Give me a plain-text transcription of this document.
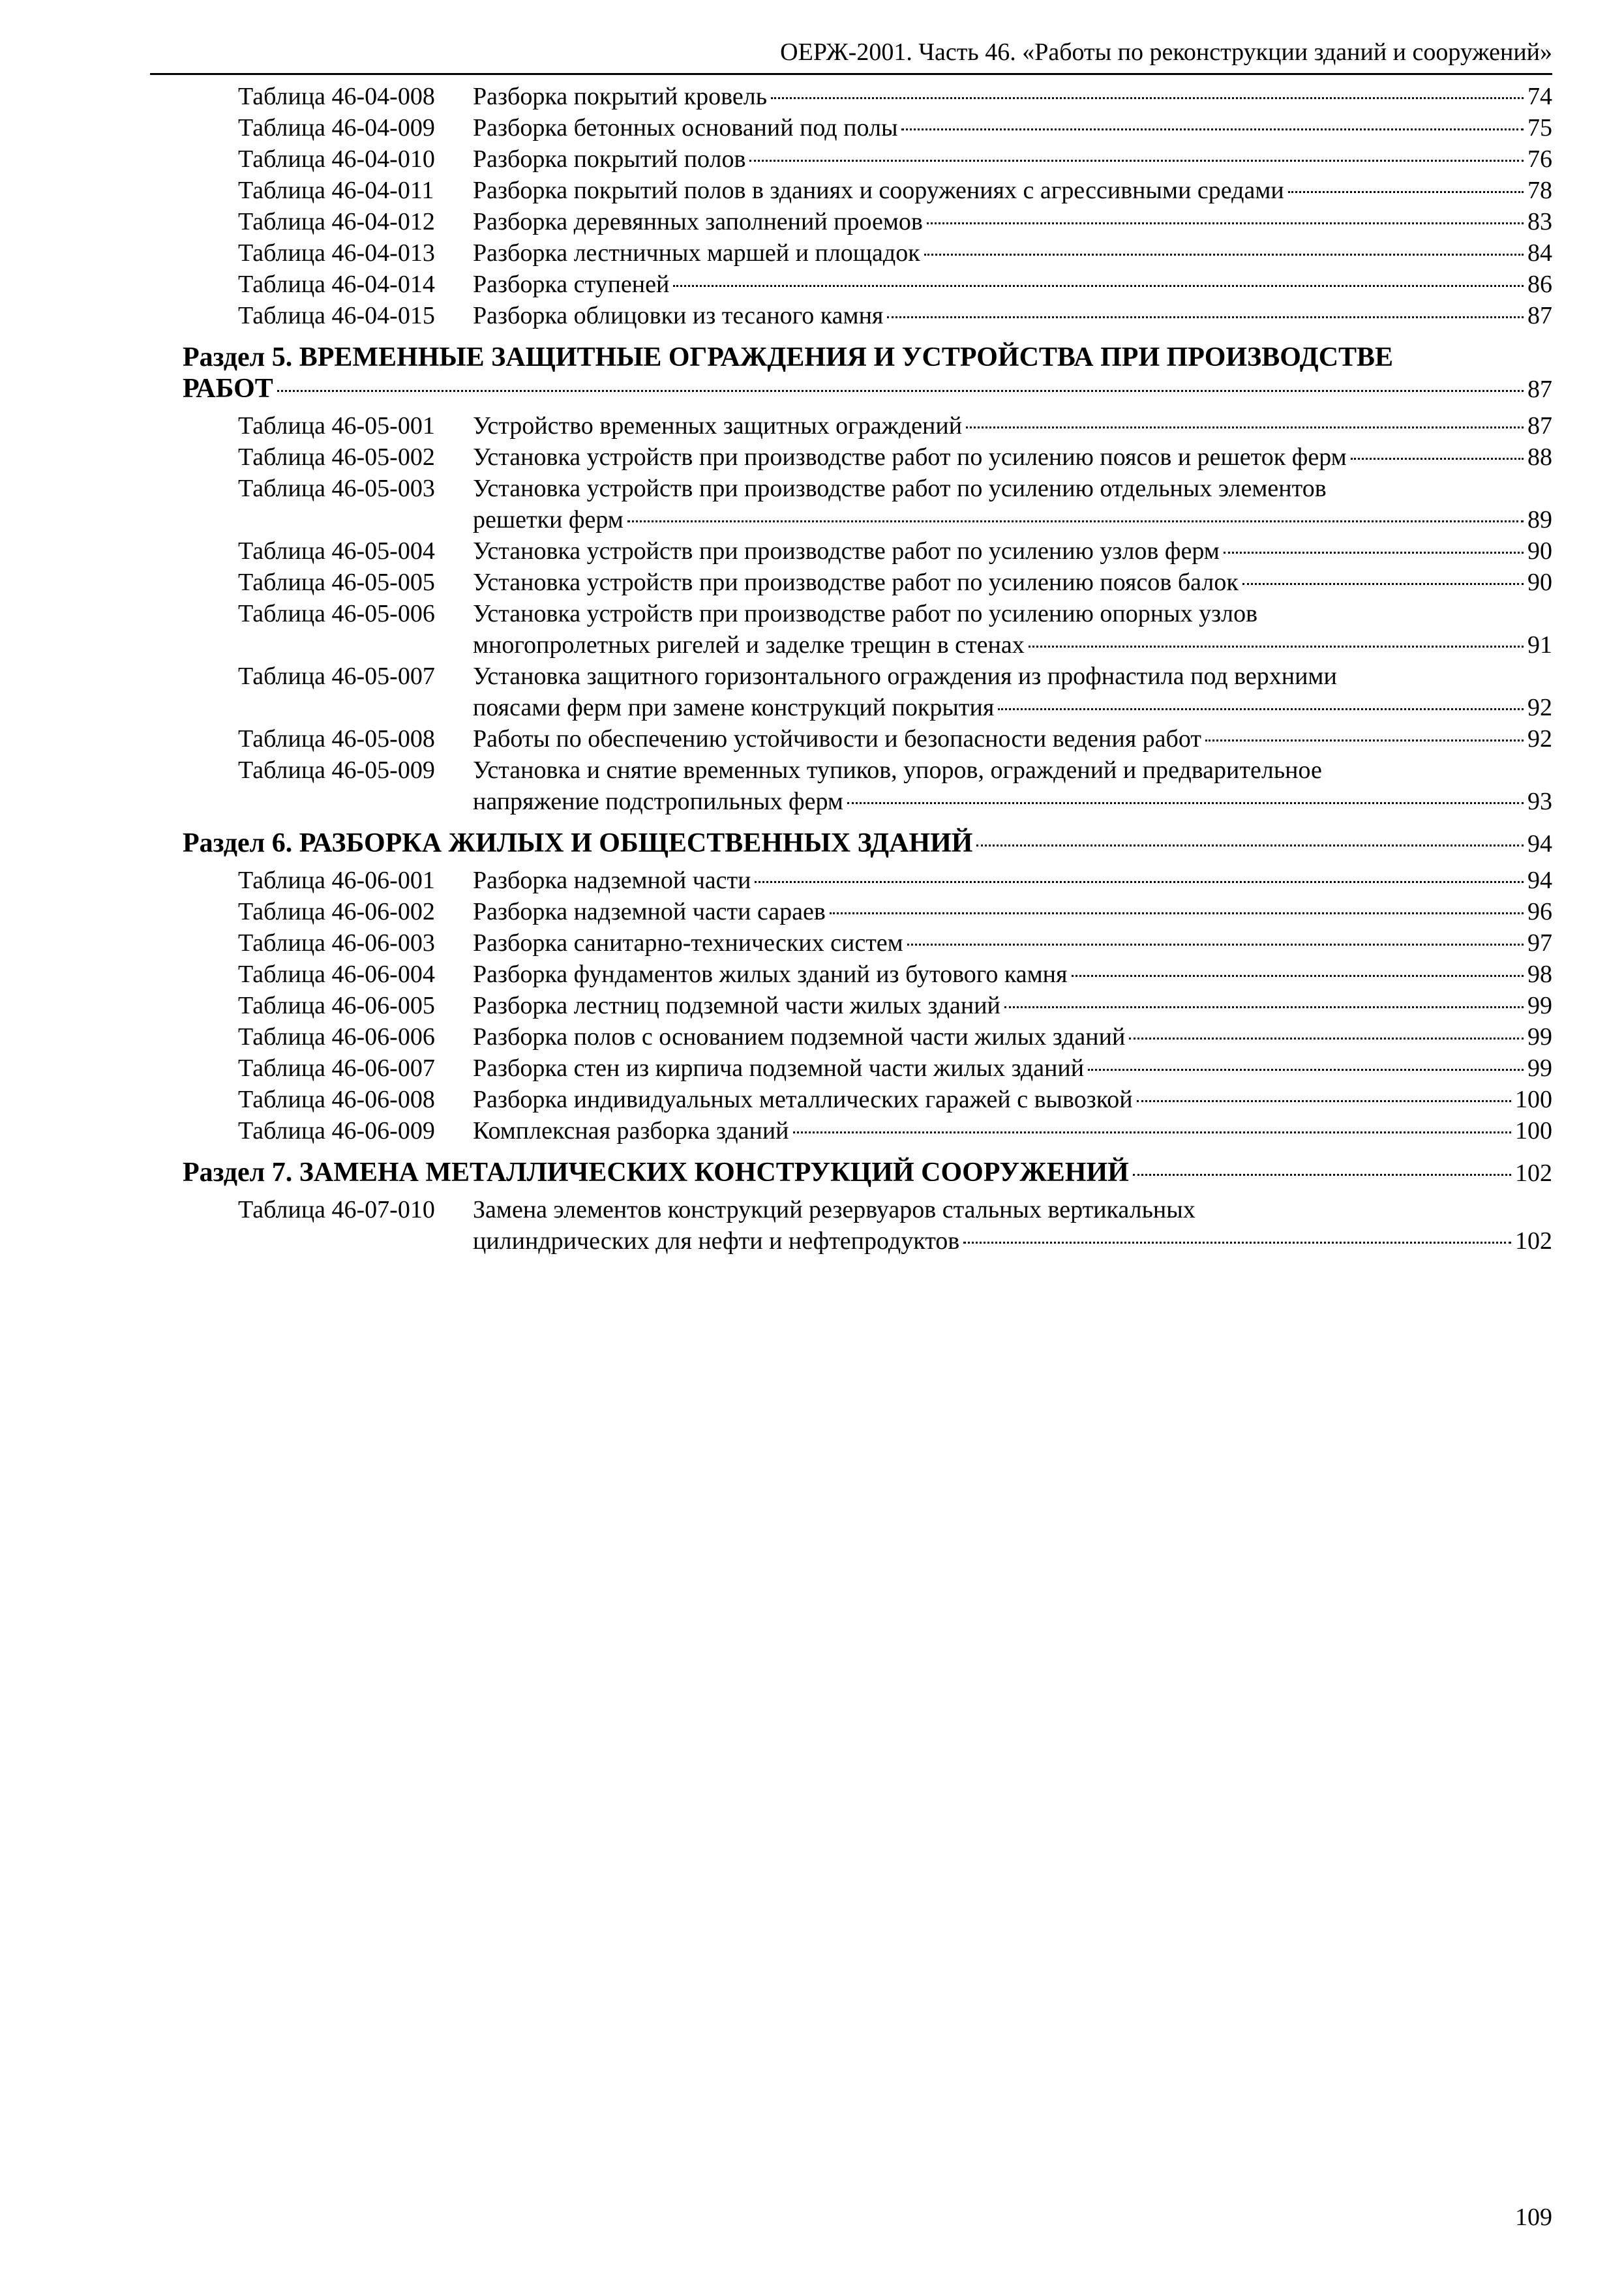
ОЕРЖ-2001. Часть 46. «Работы по реконструкции зданий и сооружений»
Таблица 46-04-008	Разборка покрытий кровель	74
Таблица 46-04-009	Разборка бетонных оснований под полы	75
Таблица 46-04-010	Разборка покрытий полов	76
Таблица 46-04-011	Разборка покрытий полов в зданиях и сооружениях с агрессивными средами	78
Таблица 46-04-012	Разборка деревянных заполнений проемов	83
Таблица 46-04-013	Разборка лестничных маршей и площадок	84
Таблица 46-04-014	Разборка ступеней	86
Таблица 46-04-015	Разборка облицовки из тесаного камня	87
Раздел 5. ВРЕМЕННЫЕ ЗАЩИТНЫЕ ОГРАЖДЕНИЯ И УСТРОЙСТВА ПРИ ПРОИЗВОДСТВЕ
РАБОТ	87
Таблица 46-05-001	Устройство временных защитных ограждений	87
Таблица 46-05-002	Установка устройств при производстве работ по усилению поясов и решеток ферм	88
Таблица 46-05-003	Установка устройств при производстве работ по усилению отдельных элементов
решетки ферм	89
Таблица 46-05-004	Установка устройств при производстве работ по усилению узлов ферм	90
Таблица 46-05-005	Установка устройств при производстве работ по усилению поясов балок	90
Таблица 46-05-006	Установка устройств при производстве работ по усилению опорных узлов
многопролетных ригелей и заделке трещин в стенах	91
Таблица 46-05-007	Установка защитного горизонтального ограждения из профнастила под верхними
поясами ферм при замене конструкций покрытия	92
Таблица 46-05-008	Работы по обеспечению устойчивости и безопасности ведения работ	92
Таблица 46-05-009	Установка и снятие временных тупиков, упоров, ограждений и предварительное
напряжение подстропильных ферм	93
Раздел 6. РАЗБОРКА ЖИЛЫХ И ОБЩЕСТВЕННЫХ ЗДАНИЙ	94
Таблица 46-06-001	Разборка надземной части	94
Таблица 46-06-002	Разборка надземной части сараев	96
Таблица 46-06-003	Разборка санитарно-технических систем	97
Таблица 46-06-004	Разборка фундаментов жилых зданий из бутового камня	98
Таблица 46-06-005	Разборка лестниц подземной части жилых зданий	99
Таблица 46-06-006	Разборка полов с основанием подземной части жилых зданий	99
Таблица 46-06-007	Разборка стен из кирпича подземной части жилых зданий	99
Таблица 46-06-008	Разборка индивидуальных металлических гаражей с вывозкой	100
Таблица 46-06-009	Комплексная разборка зданий	100
Раздел 7. ЗАМЕНА МЕТАЛЛИЧЕСКИХ КОНСТРУКЦИЙ СООРУЖЕНИЙ	102
Таблица 46-07-010	Замена элементов конструкций резервуаров стальных вертикальных
цилиндрических для нефти и нефтепродуктов	102
109
